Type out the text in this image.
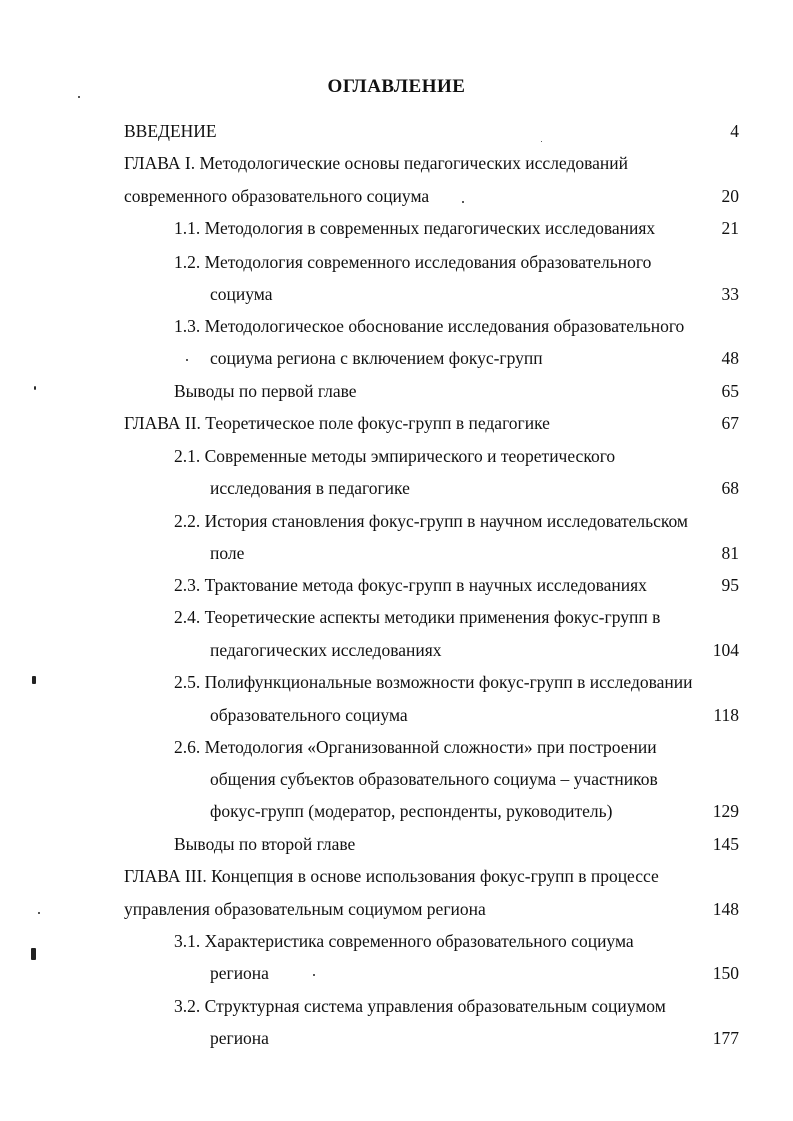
ОГЛАВЛЕНИЕ
ВВЕДЕНИЕ	4
ГЛАВА I. Методологические основы педагогических исследований
современного образовательного социума	20
1.1. Методология в современных педагогических исследованиях	21
1.2. Методология современного исследования образовательного
социума	33
1.3. Методологическое обоснование исследования образовательного
социума региона с включением фокус-групп	48
Выводы по первой главе	65
ГЛАВА II. Теоретическое поле фокус-групп в педагогике	67
2.1. Современные методы эмпирического и теоретического
исследования в педагогике	68
2.2. История становления фокус-групп в научном исследовательском
поле	81
2.3. Трактование метода фокус-групп в научных исследованиях	95
2.4. Теоретические аспекты методики применения фокус-групп в
педагогических исследованиях	104
2.5. Полифункциональные возможности фокус-групп в исследовании
образовательного социума	118
2.6. Методология «Организованной сложности» при построении
общения субъектов образовательного социума – участников
фокус-групп (модератор, респонденты, руководитель)	129
Выводы по второй главе	145
ГЛАВА III. Концепция в основе использования фокус-групп в процессе
управления образовательным социумом региона	148
3.1. Характеристика современного образовательного социума
региона	150
3.2. Структурная система управления образовательным социумом
региона	177
